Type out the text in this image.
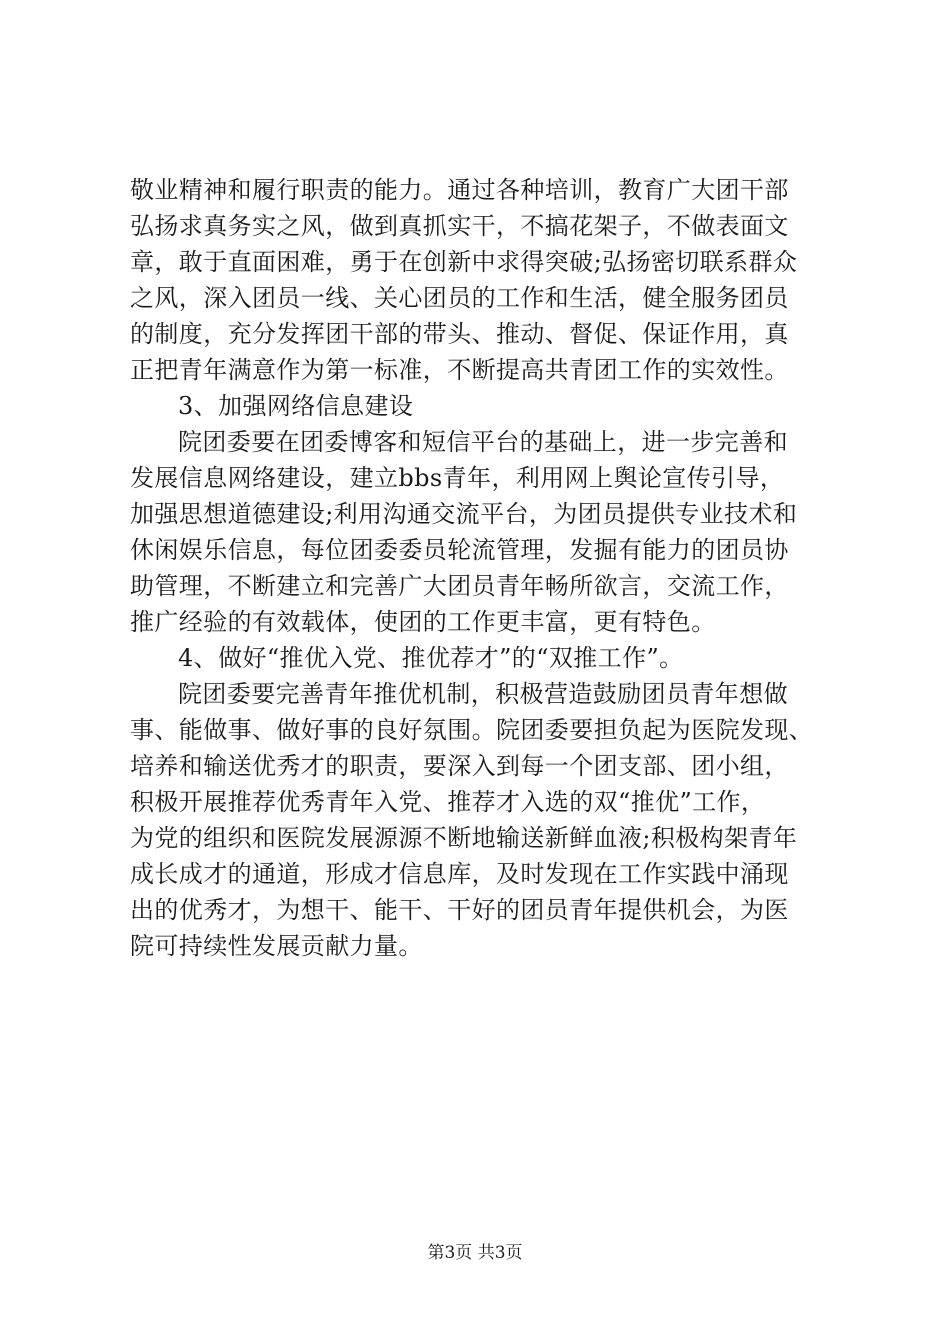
敬业精神和履行职责的能力。通过各种培训，教育广大团干部
弘扬求真务实之风，做到真抓实干，不搞花架子，不做表面文
章，敢于直面困难，勇于在创新中求得突破;弘扬密切联系群众
之风，深入团员一线、关心团员的工作和生活，健全服务团员
的制度，充分发挥团干部的带头、推动、督促、保证作用，真
正把青年满意作为第一标准，不断提高共青团工作的实效性。
3、加强网络信息建设
院团委要在团委博客和短信平台的基础上，进一步完善和
发展信息网络建设，建立bbs青年，利用网上舆论宣传引导，
加强思想道德建设;利用沟通交流平台，为团员提供专业技术和
休闲娱乐信息，每位团委委员轮流管理，发掘有能力的团员协
助管理，不断建立和完善广大团员青年畅所欲言，交流工作，
推广经验的有效载体，使团的工作更丰富，更有特色。
4、做好“推优入党、推优荐才”的“双推工作”。
院团委要完善青年推优机制，积极营造鼓励团员青年想做
事、能做事、做好事的良好氛围。院团委要担负起为医院发现、
培养和输送优秀才的职责，要深入到每一个团支部、团小组，
积极开展推荐优秀青年入党、推荐才入选的双“推优”工作，
为党的组织和医院发展源源不断地输送新鲜血液;积极构架青年
成长成才的通道，形成才信息库，及时发现在工作实践中涌现
出的优秀才，为想干、能干、干好的团员青年提供机会，为医
院可持续性发展贡献力量。
第3页 共3页
